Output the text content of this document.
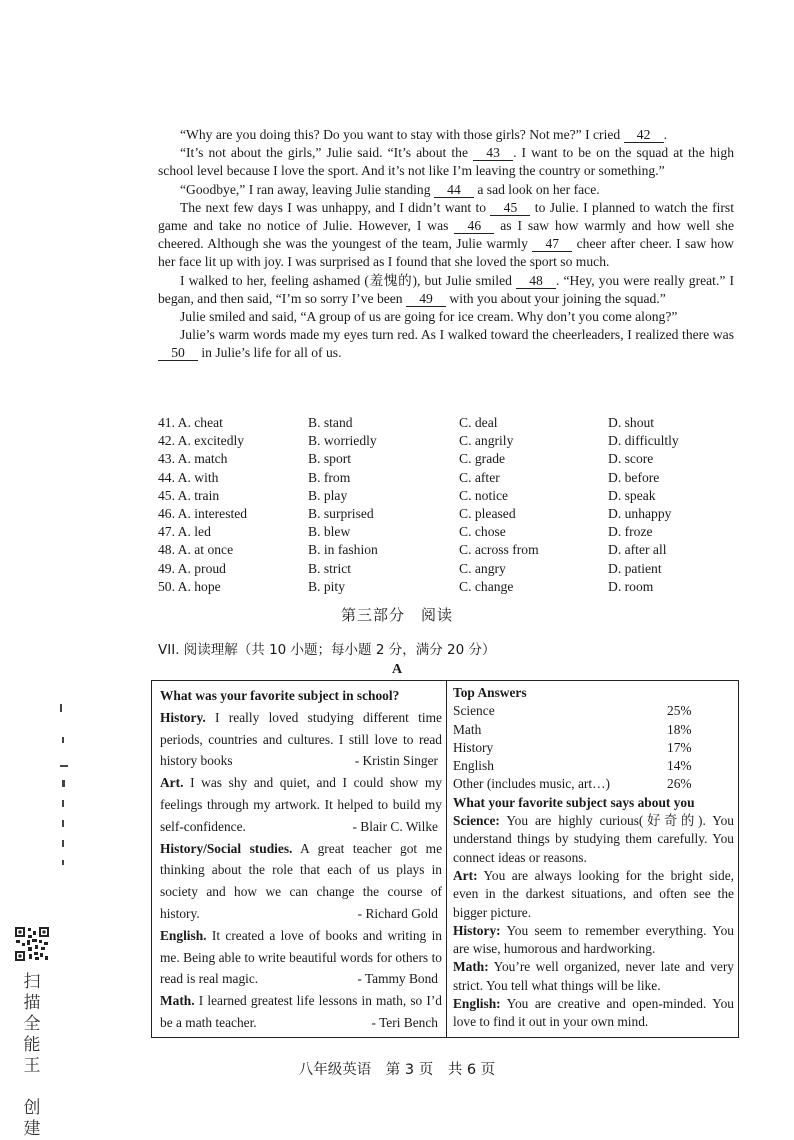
“Why are you doing this? Do you want to stay with those girls? Not me?” I cried 42 .

“It’s not about the girls,” Julie said. “It’s about the 43 . I want to be on the squad at the high school level because I love the sport. And it’s not like I’m leaving the country or something.”

“Goodbye,” I ran away, leaving Julie standing 44 a sad look on her face.

The next few days I was unhappy, and I didn’t want to 45 to Julie. I planned to watch the first game and take no notice of Julie. However, I was 46 as I saw how warmly and how well she cheered. Although she was the youngest of the team, Julie warmly 47 cheer after cheer. I saw how her face lit up with joy. I was surprised as I found that she loved the sport so much.

I walked to her, feeling ashamed (羞愧的), but Julie smiled 48 . “Hey, you were really great.” I began, and then said, “I’m so sorry I’ve been 49 with you about your joining the squad.”

Julie smiled and said, “A group of us are going for ice cream. Why don’t you come along?”

Julie’s warm words made my eyes turn red. As I walked toward the cheerleaders, I realized there was 50 in Julie’s life for all of us.

41. A. cheat	B. stand	C. deal	D. shout
42. A. excitedly	B. worriedly	C. angrily	D. difficultly
43. A. match	B. sport	C. grade	D. score
44. A. with	B. from	C. after	D. before
45. A. train	B. play	C. notice	D. speak
46. A. interested	B. surprised	C. pleased	D. unhappy
47. A. led	B. blew	C. chose	D. froze
48. A. at once	B. in fashion	C. across from	D. after all
49. A. proud	B. strict	C. angry	D. patient
50. A. hope	B. pity	C. change	D. room
第三部分　阅读
VII. 阅读理解（共 10 小题；每小题 2 分，满分 20 分）
A
What was your favorite subject in school?

History. I really loved studying different time periods, countries and cultures. I still love to read history books	- Kristin Singer

Art. I was shy and quiet, and I could show my feelings through my artwork. It helped to build my self-confidence.	- Blair C. Wilke

History/Social studies. A great teacher got me thinking about the role that each of us plays in society and how we can change the course of history.	- Richard Gold

English. It created a love of books and writing in me. Being able to write beautiful words for others to read is real magic.	- Tammy Bond

Math. I learned greatest life lessons in math, so I’d be a math teacher.	- Teri Bench

Top Answers
Science	25%
Math	18%
History	17%
English	14%
Other (includes music, art…)	26%
What your favorite subject says about you

Science: You are highly curious(好奇的). You understand things by studying them carefully. You connect ideas or reasons.

Art: You are always looking for the bright side, even in the darkest situations, and often see the bigger picture.

History: You seem to remember everything. You are wise, humorous and hardworking.

Math: You’re well organized, never late and very strict. You tell what things will be like.

English: You are creative and open-minded. You love to find it out in your own mind.

八年级英语　第 3 页　共 6 页
扫
描
全
能
王

创
建
